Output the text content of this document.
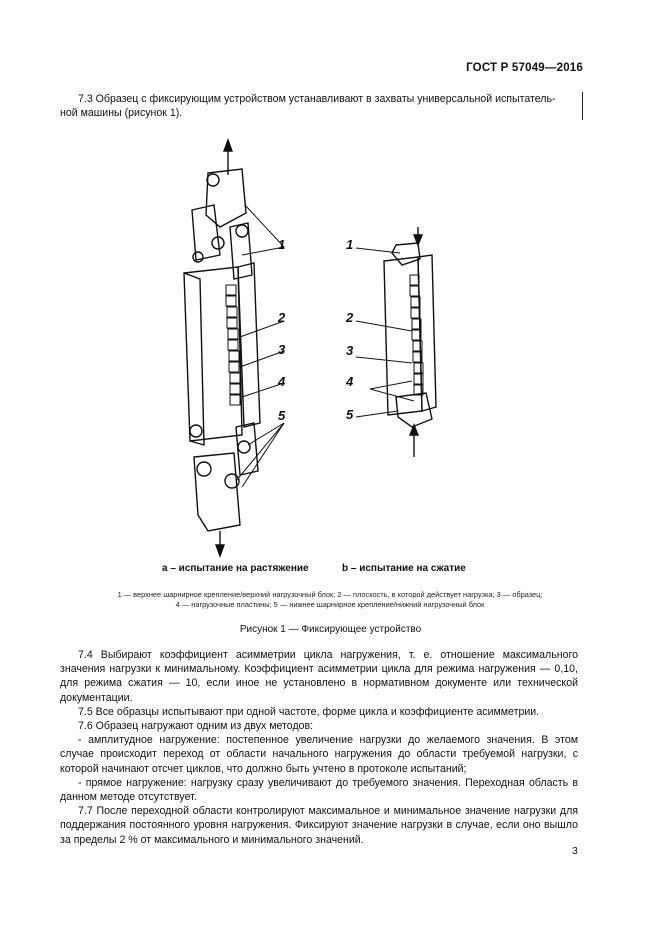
ГОСТ Р 57049—2016

7.3 Образец с фиксирующим устройством устанавливают в захваты универсальной испытатель-

ной машины (рисунок 1).

1
2
3
4
5
1
2
3
4
5
а – испытание на растяжение	b – испытание на сжатие
1 — верхнее шарнирное крепление/верхний нагрузочный блок; 2 — плоскость, в которой действует нагрузка; 3 — образец;
4 — нагрузочные пластины; 5 — нижнее шарнирное крепление/нижний нагрузочный блок
Рисунок 1 — Фиксирующее устройство

7.4 Выбирают коэффициент асимметрии цикла нагружения, т. е. отношение максимального значения нагрузки к минимальному. Коэффициент асимметрии цикла для режима нагружения — 0,10, для режима сжатия — 10, если иное не установлено в нормативном документе или технической документации.

7.5 Все образцы испытывают при одной частоте, форме цикла и коэффициенте асимметрии.

7.6 Образец нагружают одним из двух методов:

- амплитудное нагружение: постепенное увеличение нагрузки до желаемого значения. В этом случае происходит переход от области начального нагружения до области требуемой нагрузки, с которой начинают отсчет циклов, что должно быть учтено в протоколе испытаний;

- прямое нагружение: нагрузку сразу увеличивают до требуемого значения. Переходная область в данном методе отсутствует.

7.7 После переходной области контролируют максимальное и минимальное значение нагрузки для поддержания постоянного уровня нагружения. Фиксируют значение нагрузки в случае, если оно вышло за пределы 2 % от максимального и минимального значений.

3
